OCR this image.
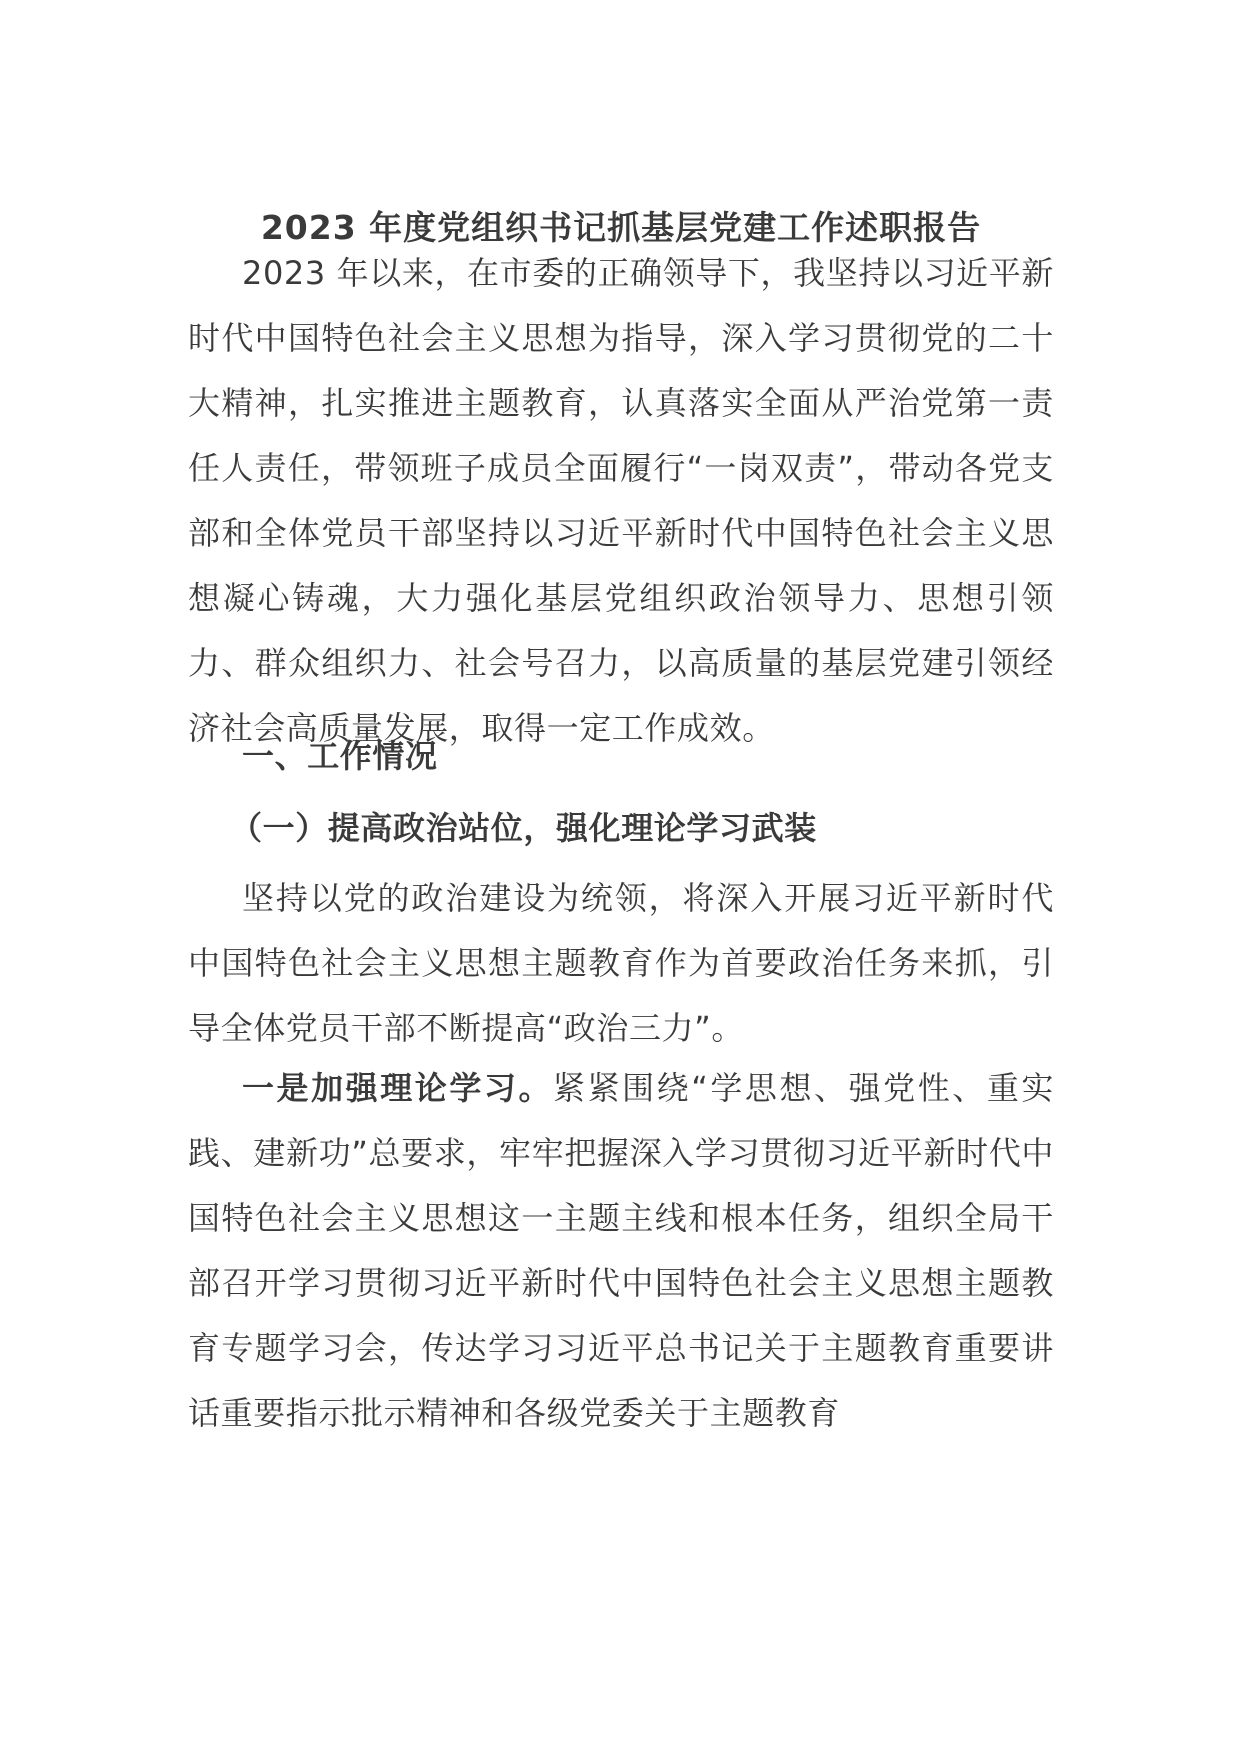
2023 年度党组织书记抓基层党建工作述职报告

2023 年以来，在市委的正确领导下，我坚持以习近平新时代中国特色社会主义思想为指导，深入学习贯彻党的二十大精神，扎实推进主题教育，认真落实全面从严治党第一责任人责任，带领班子成员全面履行“一岗双责”，带动各党支部和全体党员干部坚持以习近平新时代中国特色社会主义思想凝心铸魂，大力强化基层党组织政治领导力、思想引领力、群众组织力、社会号召力，以高质量的基层党建引领经济社会高质量发展，取得一定工作成效。

一、工作情况
（一）提高政治站位，强化理论学习武装

坚持以党的政治建设为统领，将深入开展习近平新时代中国特色社会主义思想主题教育作为首要政治任务来抓，引导全体党员干部不断提高“政治三力”。

一是加强理论学习。紧紧围绕“学思想、强党性、重实践、建新功”总要求，牢牢把握深入学习贯彻习近平新时代中国特色社会主义思想这一主题主线和根本任务，组织全局干部召开学习贯彻习近平新时代中国特色社会主义思想主题教育专题学习会，传达学习习近平总书记关于主题教育重要讲话重要指示批示精神和各级党委关于主题教育
